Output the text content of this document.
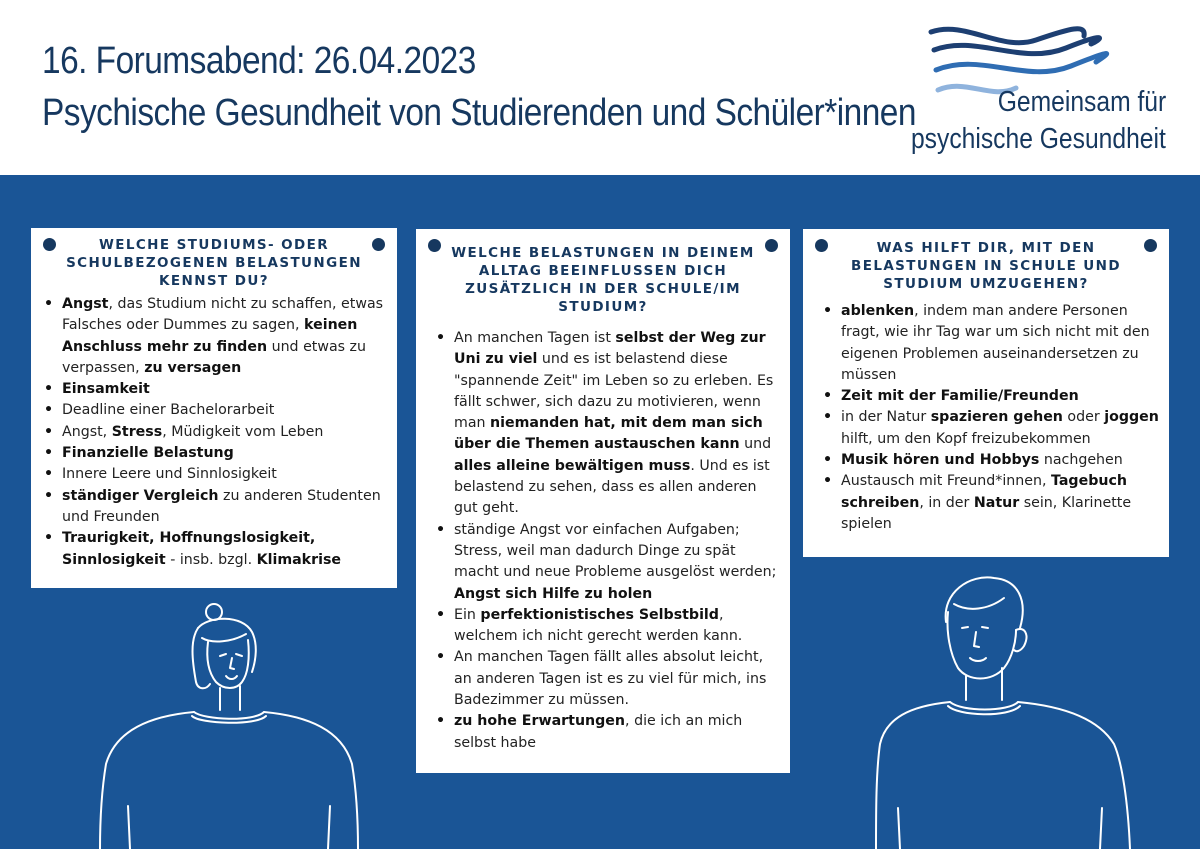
16. Forumsabend: 26.04.2023
Psychische Gesundheit von Studierenden und Schüler*innen	Gemeinsam für
psychische Gesundheit
WELCHE STUDIUMS- ODER SCHULBEZOGENEN BELASTUNGEN KENNST DU?
• Angst, das Studium nicht zu schaffen, etwas Falsches oder Dummes zu sagen, keinen Anschluss mehr zu finden und etwas zu verpassen, zu versagen
• Einsamkeit
• Deadline einer Bachelorarbeit
• Angst, Stress, Müdigkeit vom Leben
• Finanzielle Belastung
• Innere Leere und Sinnlosigkeit
• ständiger Vergleich zu anderen Studenten und Freunden
• Traurigkeit, Hoffnungslosigkeit, Sinnlosigkeit - insb. bzgl. Klimakrise
WELCHE BELASTUNGEN IN DEINEM ALLTAG BEEINFLUSSEN DICH ZUSÄTZLICH IN DER SCHULE/IM STUDIUM?
• An manchen Tagen ist selbst der Weg zur Uni zu viel und es ist belastend diese "spannende Zeit" im Leben so zu erleben. Es fällt schwer, sich dazu zu motivieren, wenn man niemanden hat, mit dem man sich über die Themen austauschen kann und alles alleine bewältigen muss. Und es ist belastend zu sehen, dass es allen anderen gut geht.
• ständige Angst vor einfachen Aufgaben; Stress, weil man dadurch Dinge zu spät macht und neue Probleme ausgelöst werden; Angst sich Hilfe zu holen
• Ein perfektionistisches Selbstbild, welchem ich nicht gerecht werden kann.
• An manchen Tagen fällt alles absolut leicht, an anderen Tagen ist es zu viel für mich, ins Badezimmer zu müssen.
• zu hohe Erwartungen, die ich an mich selbst habe
WAS HILFT DIR, MIT DEN BELASTUNGEN IN SCHULE UND STUDIUM UMZUGEHEN?
• ablenken, indem man andere Personen fragt, wie ihr Tag war um sich nicht mit den eigenen Problemen auseinandersetzen zu müssen
• Zeit mit der Familie/Freunden
• in der Natur spazieren gehen oder joggen hilft, um den Kopf freizubekommen
• Musik hören und Hobbys nachgehen
• Austausch mit Freund*innen, Tagebuch schreiben, in der Natur sein, Klarinette spielen
